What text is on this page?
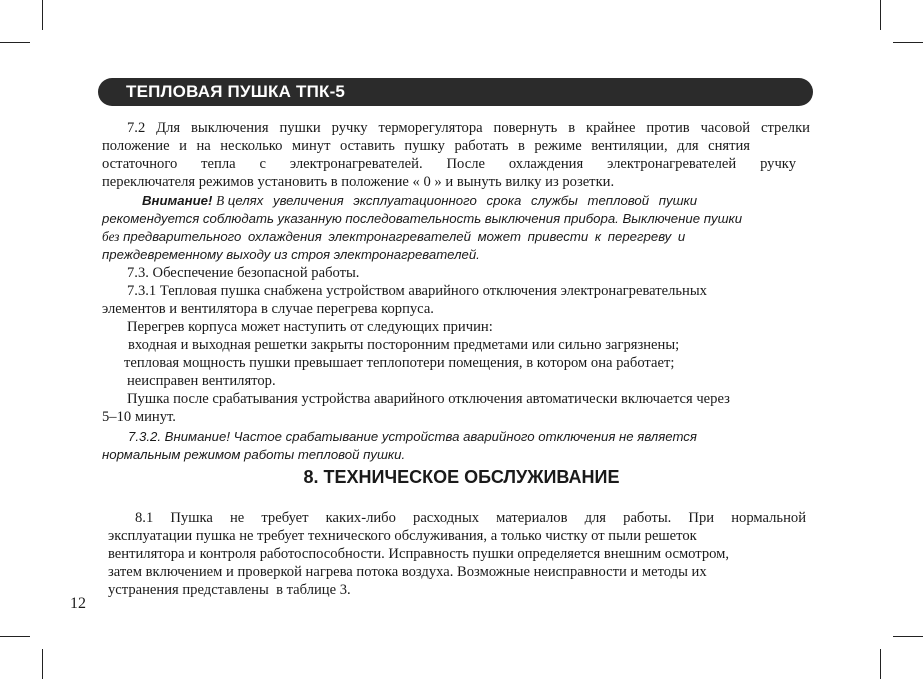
ТЕПЛОВАЯ ПУШКА ТПК-5
7.2 Для выключения пушки ручку терморегулятора повернуть в крайнее против часовой стрелки
положение и на несколько минут оставить пушку работать в режиме вентиляции, для снятия
остаточного тепла с электронагревателей. После охлаждения электронагревателей ручку
переключателя режимов установить в положение « 0 » и вынуть вилку из розетки.
Внимание! В целях увеличения эксплуатационного срока службы тепловой пушки
рекомендуется соблюдать указанную последовательность выключения прибора. Выключение пушки
без предварительного охлаждения электронагревателей может привести к перегреву и
преждевременному выходу из строя электронагревателей.
7.3. Обеспечение безопасной работы.
7.3.1 Тепловая пушка снабжена устройством аварийного отключения электронагревательных
элементов и вентилятора в случае перегрева корпуса.
Перегрев корпуса может наступить от следующих причин:
входная и выходная решетки закрыты посторонним предметами или сильно загрязнены;
тепловая мощность пушки превышает теплопотери помещения, в котором она работает;
неисправен вентилятор.
Пушка после срабатывания устройства аварийного отключения автоматически включается через
5–10 минут.
7.3.2. Внимание! Частое срабатывание устройства аварийного отключения не является
нормальным режимом работы тепловой пушки.
8. ТЕХНИЧЕСКОЕ ОБСЛУЖИВАНИЕ
8.1 Пушка не требует каких-либо расходных материалов для работы. При нормальной
эксплуатации пушка не требует технического обслуживания, а только чистку от пыли решеток
вентилятора и контроля работоспособности. Исправность пушки определяется внешним осмотром,
затем включением и проверкой нагрева потока воздуха. Возможные неисправности и методы их
устранения представлены  в таблице 3.
12
